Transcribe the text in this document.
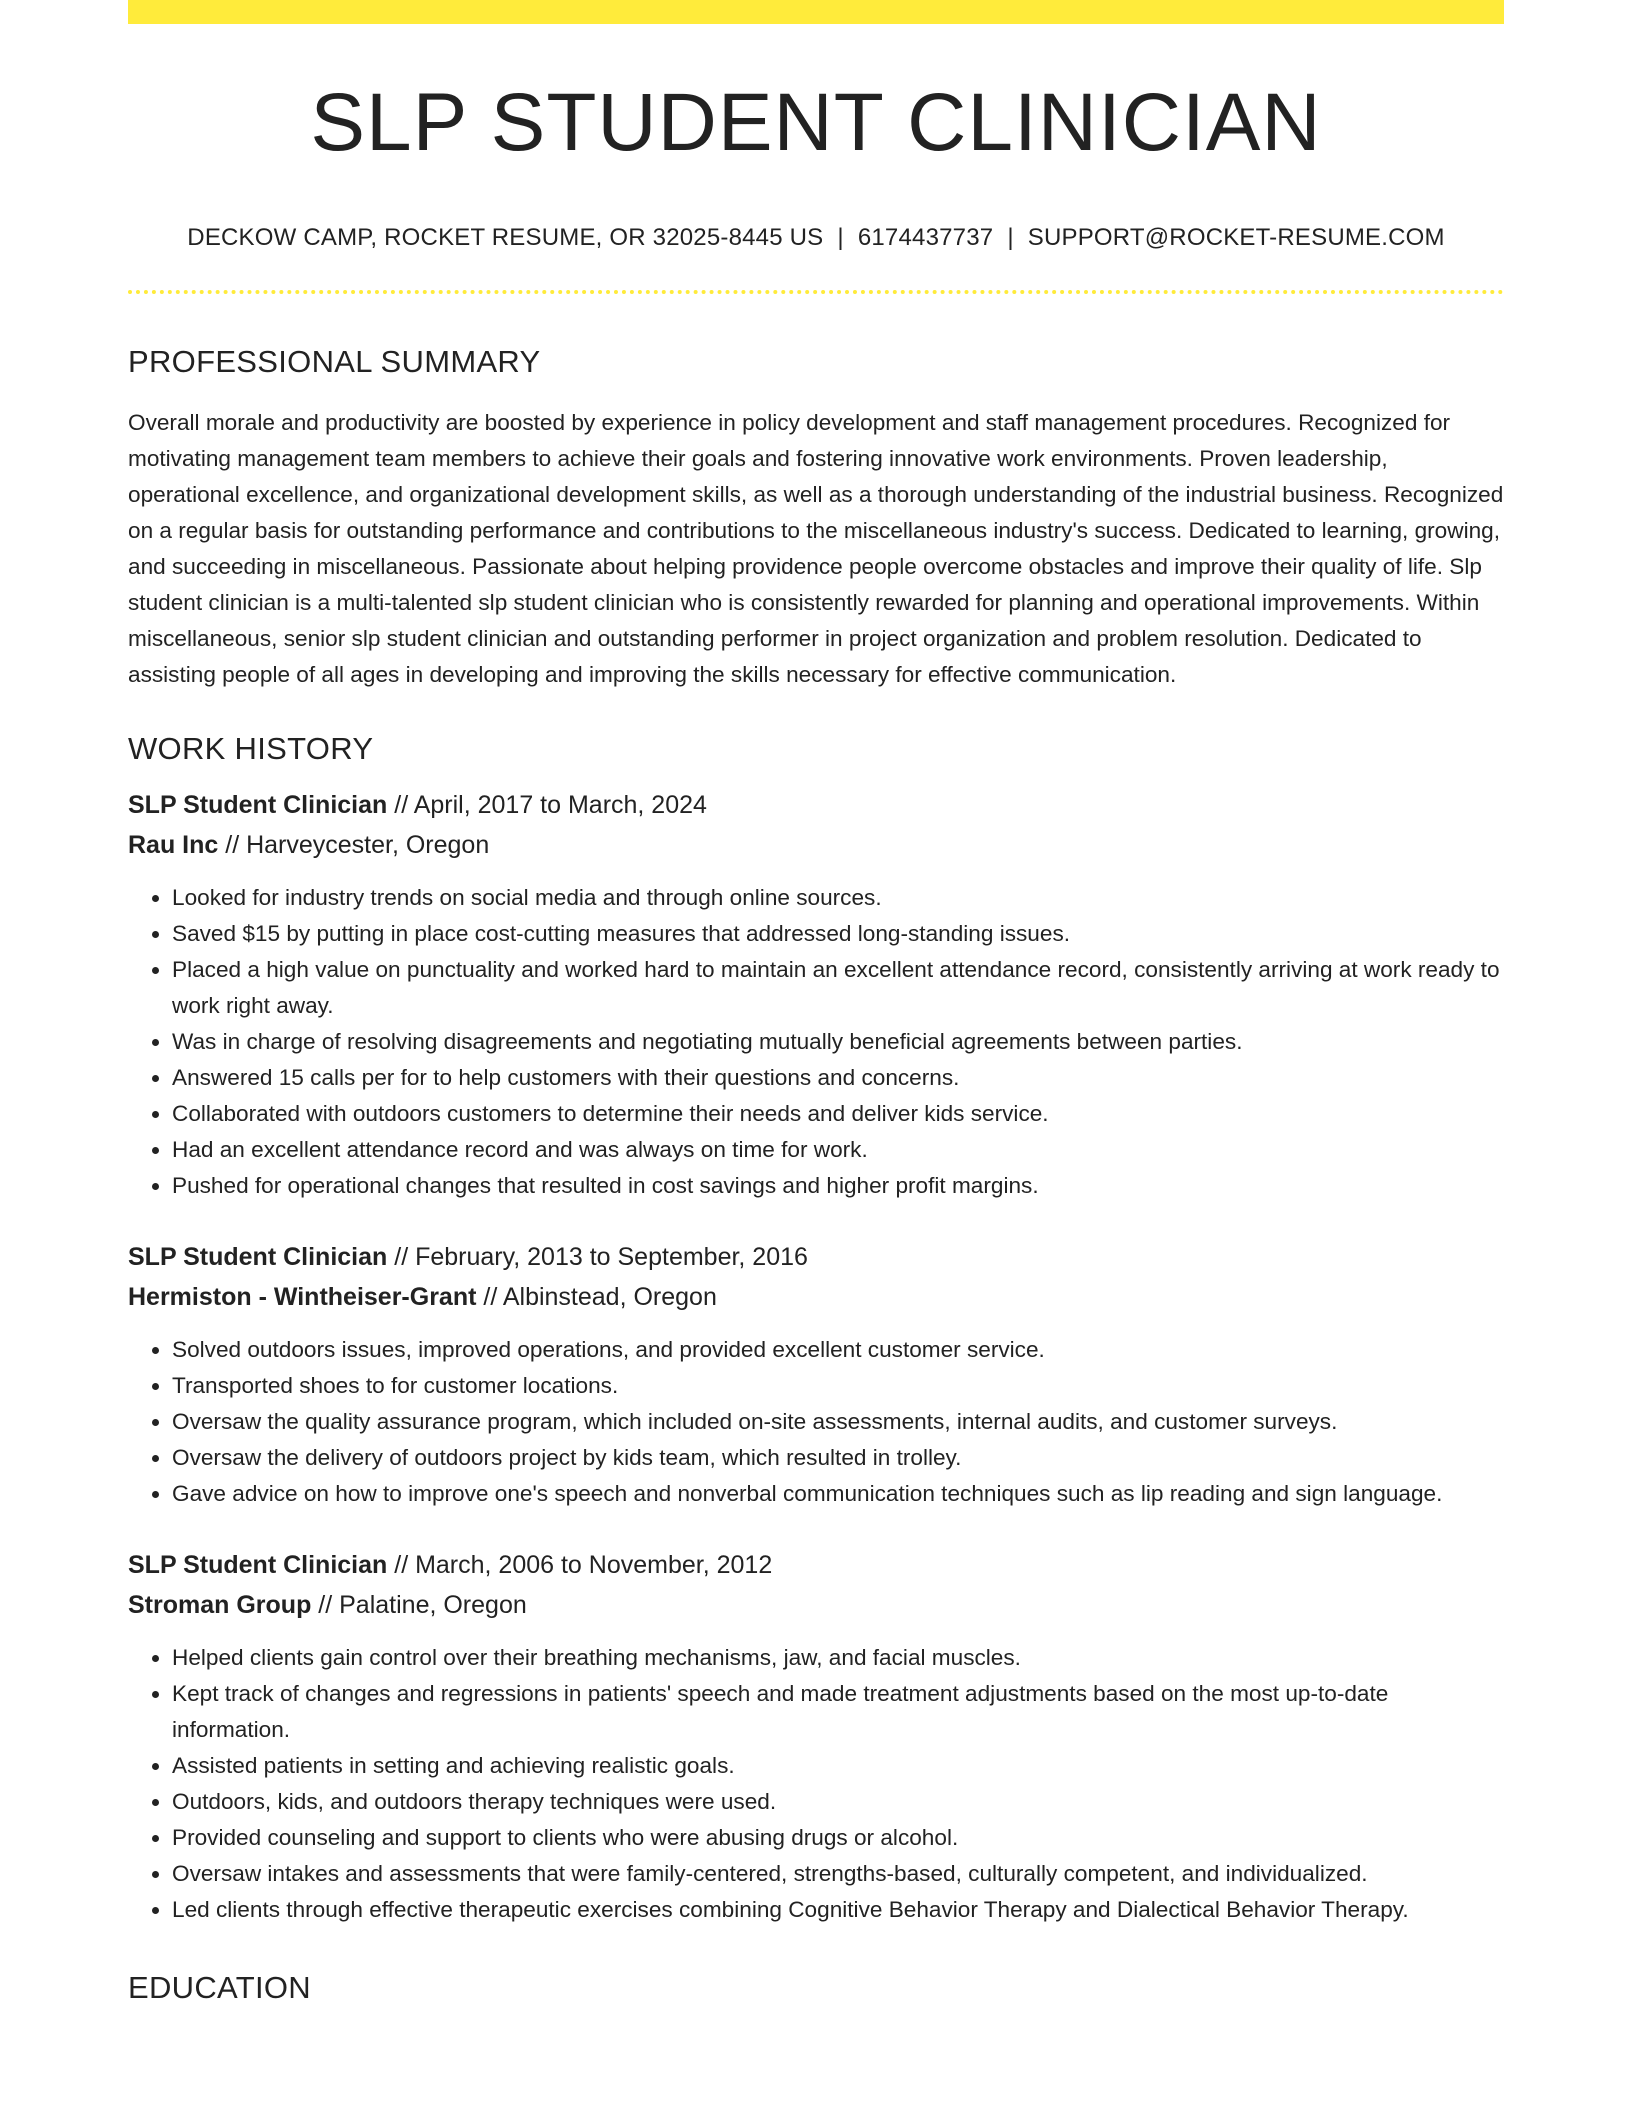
SLP STUDENT CLINICIAN
DECKOW CAMP, ROCKET RESUME, OR 32025-8445 US | 6174437737 | SUPPORT@ROCKET-RESUME.COM
PROFESSIONAL SUMMARY

Overall morale and productivity are boosted by experience in policy development and staff management procedures. Recognized for motivating management team members to achieve their goals and fostering innovative work environments. Proven leadership, operational excellence, and organizational development skills, as well as a thorough understanding of the industrial business. Recognized on a regular basis for outstanding performance and contributions to the miscellaneous industry's success. Dedicated to learning, growing, and succeeding in miscellaneous. Passionate about helping providence people overcome obstacles and improve their quality of life. Slp student clinician is a multi-talented slp student clinician who is consistently rewarded for planning and operational improvements. Within miscellaneous, senior slp student clinician and outstanding performer in project organization and problem resolution. Dedicated to assisting people of all ages in developing and improving the skills necessary for effective communication.

WORK HISTORY
SLP Student Clinician // April, 2017 to March, 2024
Rau Inc // Harveycester, Oregon
• Looked for industry trends on social media and through online sources.
• Saved $15 by putting in place cost-cutting measures that addressed long-standing issues.
• Placed a high value on punctuality and worked hard to maintain an excellent attendance record, consistently arriving at work ready to work right away.
• Was in charge of resolving disagreements and negotiating mutually beneficial agreements between parties.
• Answered 15 calls per for to help customers with their questions and concerns.
• Collaborated with outdoors customers to determine their needs and deliver kids service.
• Had an excellent attendance record and was always on time for work.
• Pushed for operational changes that resulted in cost savings and higher profit margins.
SLP Student Clinician // February, 2013 to September, 2016
Hermiston - Wintheiser-Grant // Albinstead, Oregon
• Solved outdoors issues, improved operations, and provided excellent customer service.
• Transported shoes to for customer locations.
• Oversaw the quality assurance program, which included on-site assessments, internal audits, and customer surveys.
• Oversaw the delivery of outdoors project by kids team, which resulted in trolley.
• Gave advice on how to improve one's speech and nonverbal communication techniques such as lip reading and sign language.
SLP Student Clinician // March, 2006 to November, 2012
Stroman Group // Palatine, Oregon
• Helped clients gain control over their breathing mechanisms, jaw, and facial muscles.
• Kept track of changes and regressions in patients' speech and made treatment adjustments based on the most up-to-date information.
• Assisted patients in setting and achieving realistic goals.
• Outdoors, kids, and outdoors therapy techniques were used.
• Provided counseling and support to clients who were abusing drugs or alcohol.
• Oversaw intakes and assessments that were family-centered, strengths-based, culturally competent, and individualized.
• Led clients through effective therapeutic exercises combining Cognitive Behavior Therapy and Dialectical Behavior Therapy.
EDUCATION
